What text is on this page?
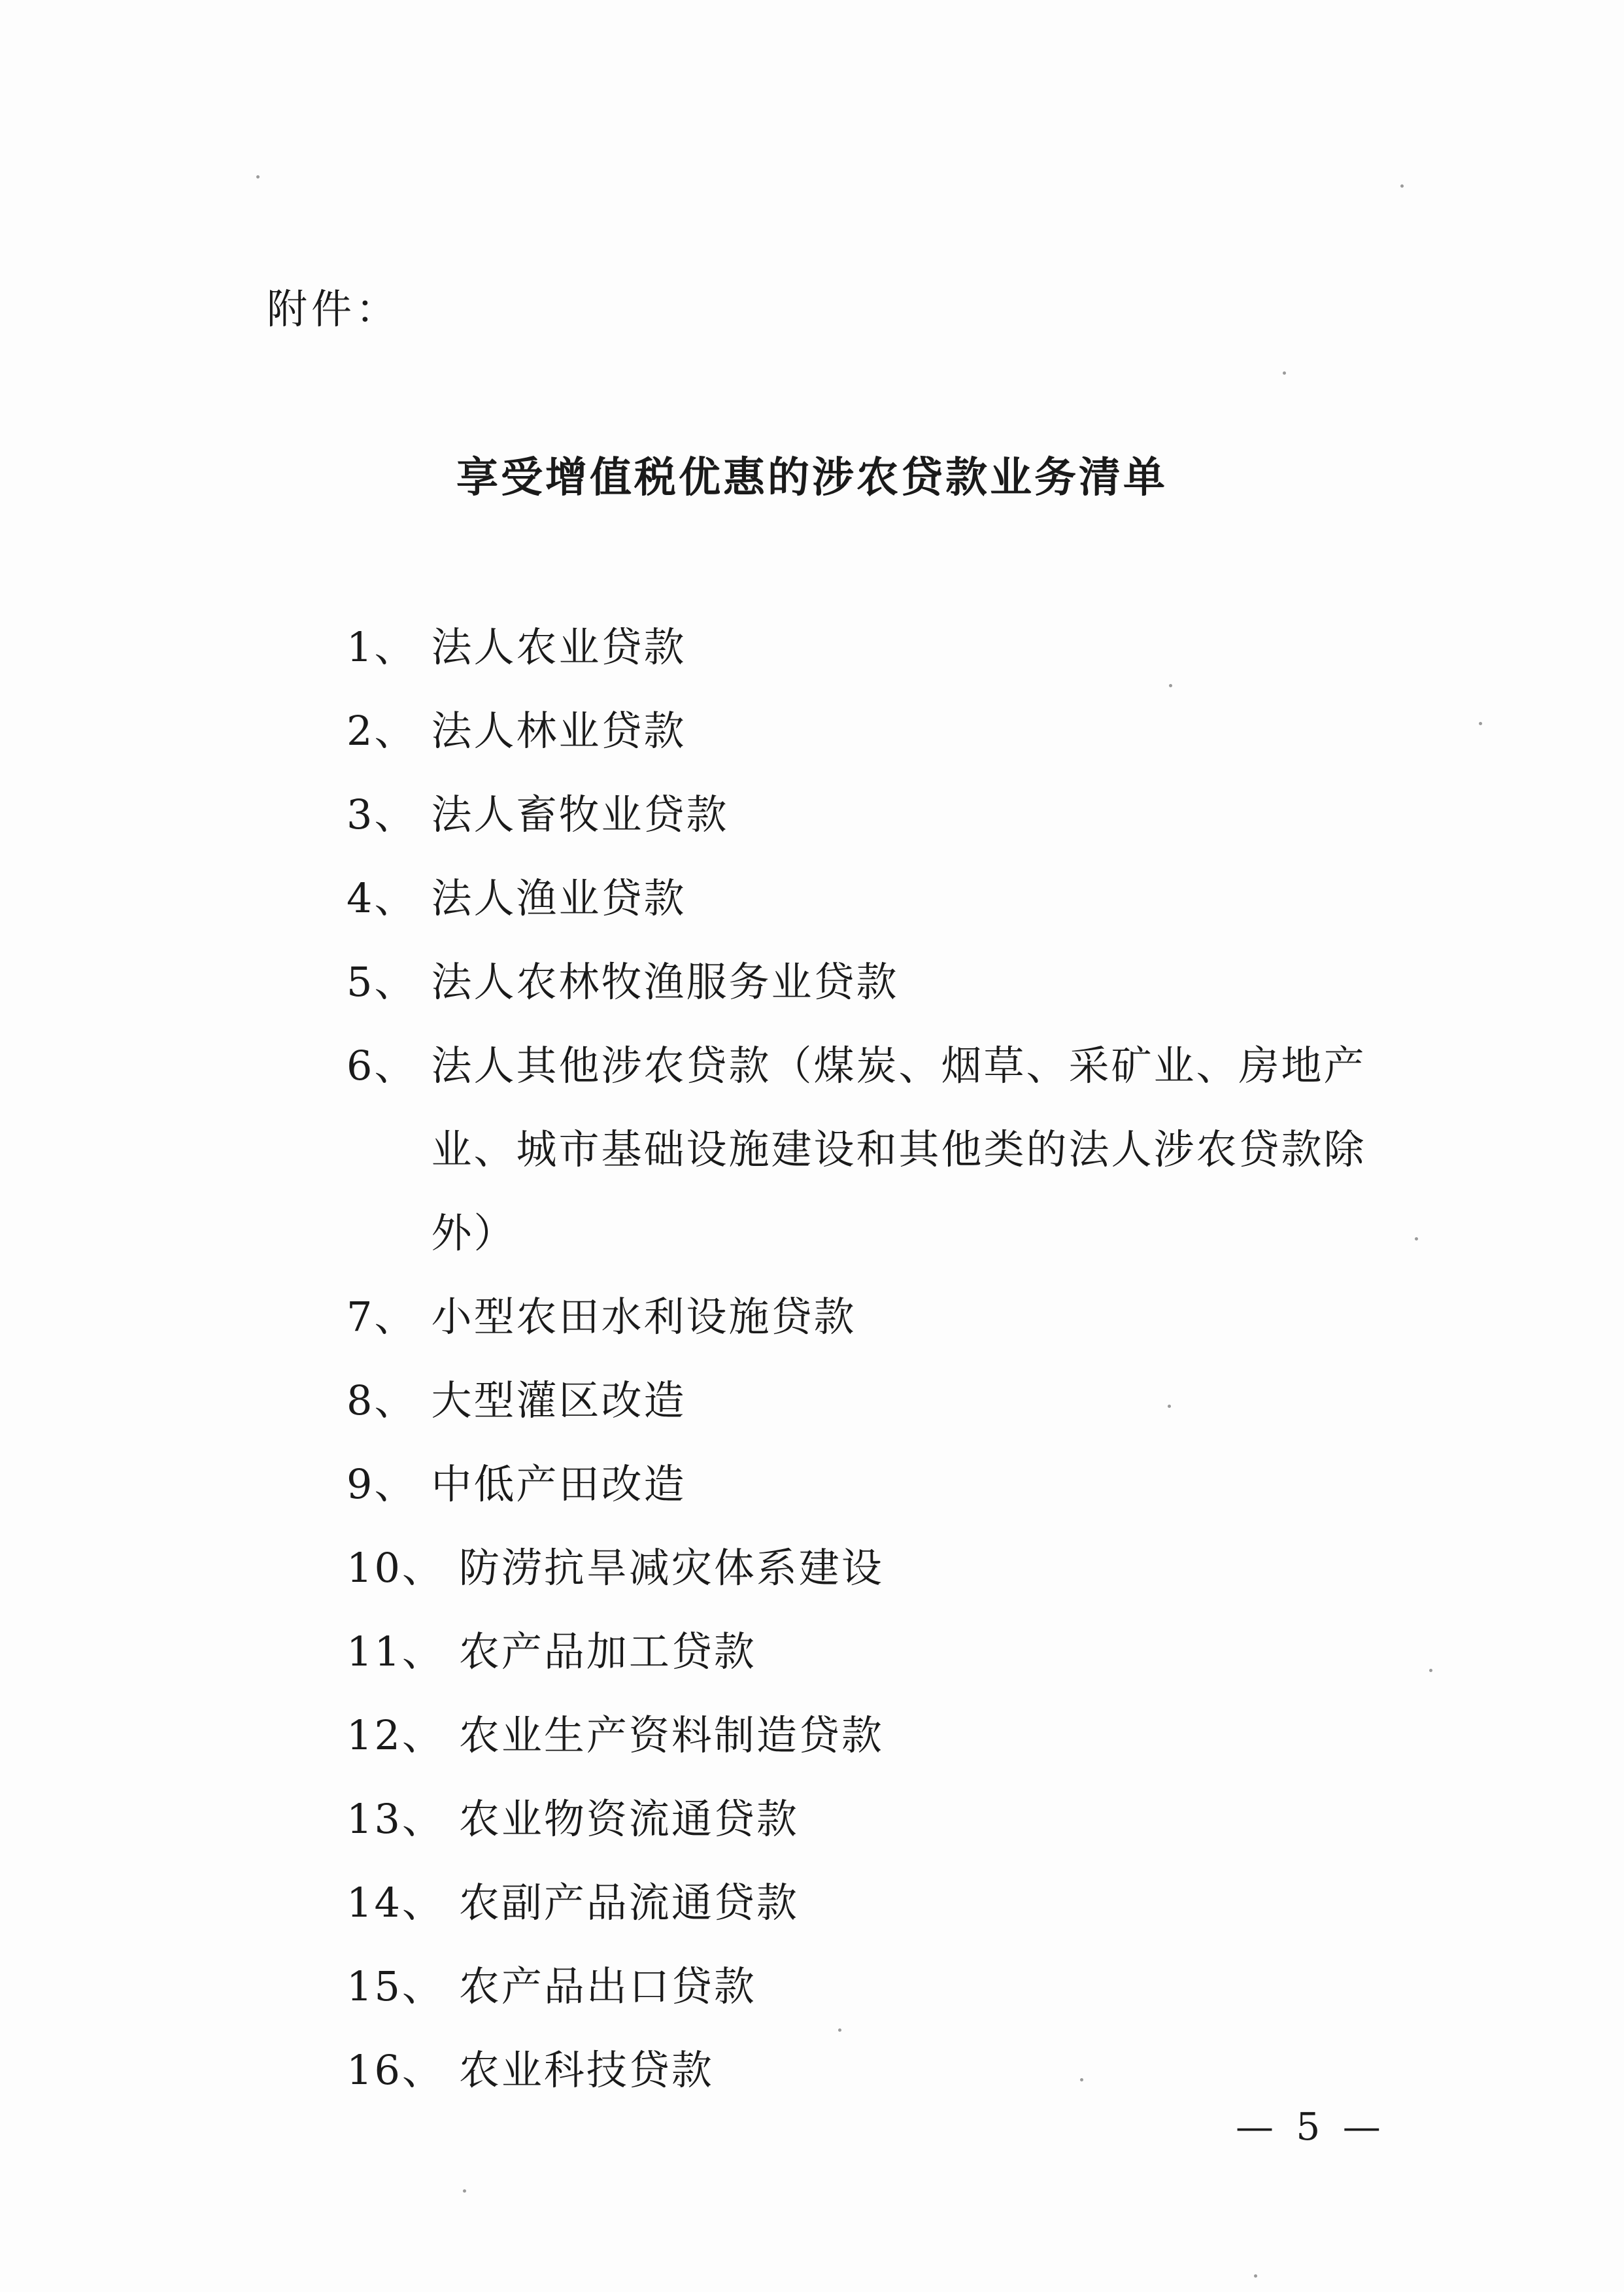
附件：
享受增值税优惠的涉农贷款业务清单
1、 法人农业贷款
2、 法人林业贷款
3、 法人畜牧业贷款
4、 法人渔业贷款
5、 法人农林牧渔服务业贷款
6、 法人其他涉农贷款（煤炭、烟草、采矿业、房地产业、城市基础设施建设和其他类的法人涉农贷款除外）
7、 小型农田水利设施贷款
8、 大型灌区改造
9、 中低产田改造
10、 防涝抗旱减灾体系建设
11、 农产品加工贷款
12、 农业生产资料制造贷款
13、 农业物资流通贷款
14、 农副产品流通贷款
15、 农产品出口贷款
16、 农业科技贷款
— 5 —
